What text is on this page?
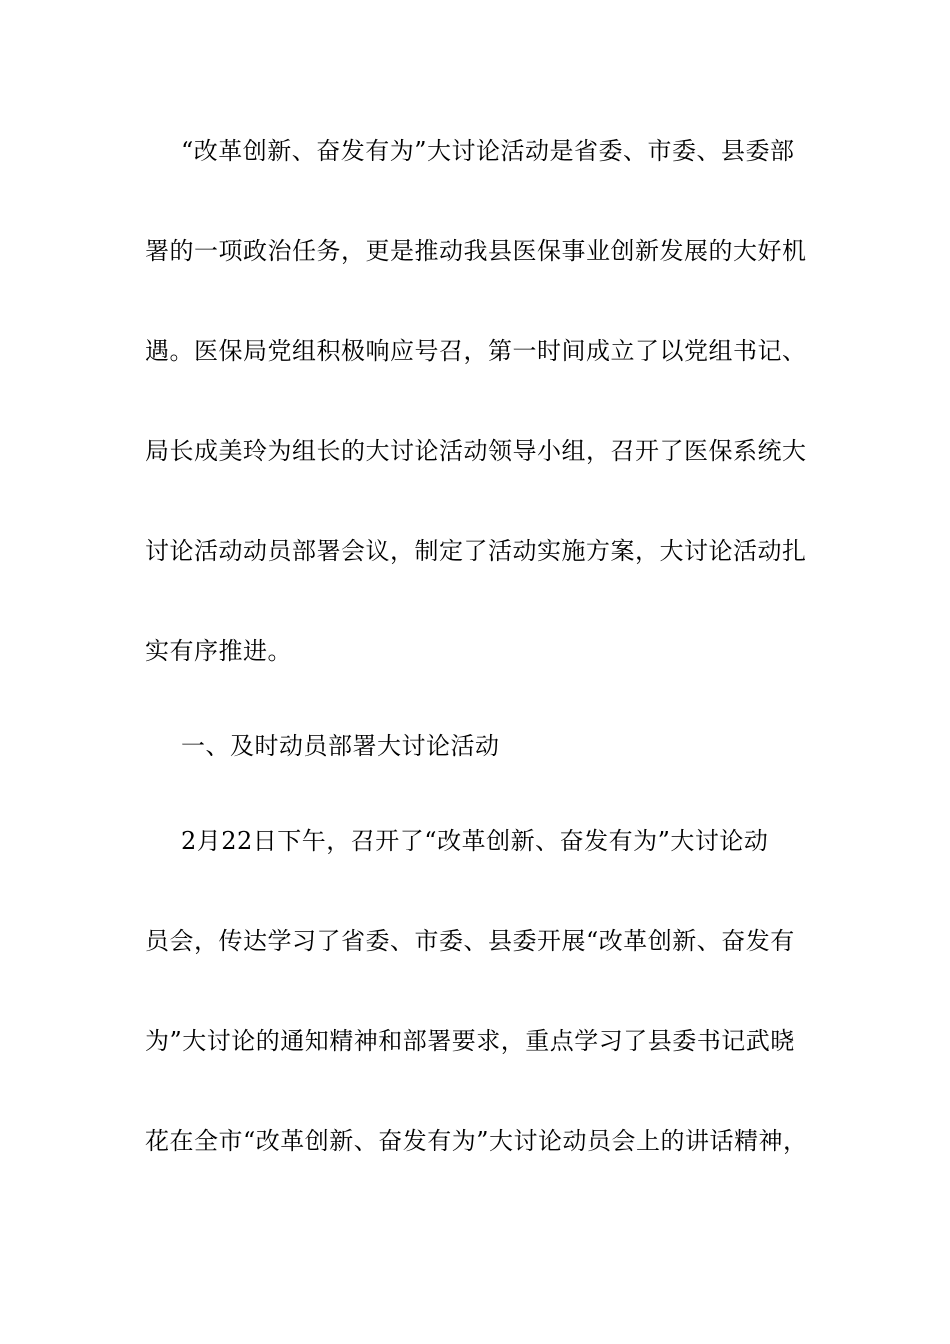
“改革创新、奋发有为”大讨论活动是省委、市委、县委部
署的一项政治任务，更是推动我县医保事业创新发展的大好机
遇。医保局党组积极响应号召，第一时间成立了以党组书记、
局长成美玲为组长的大讨论活动领导小组，召开了医保系统大
讨论活动动员部署会议，制定了活动实施方案，大讨论活动扎
实有序推进。
一、及时动员部署大讨论活动
2月22日下午，召开了“改革创新、奋发有为”大讨论动
员会，传达学习了省委、市委、县委开展“改革创新、奋发有
为”大讨论的通知精神和部署要求，重点学习了县委书记武晓
花在全市“改革创新、奋发有为”大讨论动员会上的讲话精神，
